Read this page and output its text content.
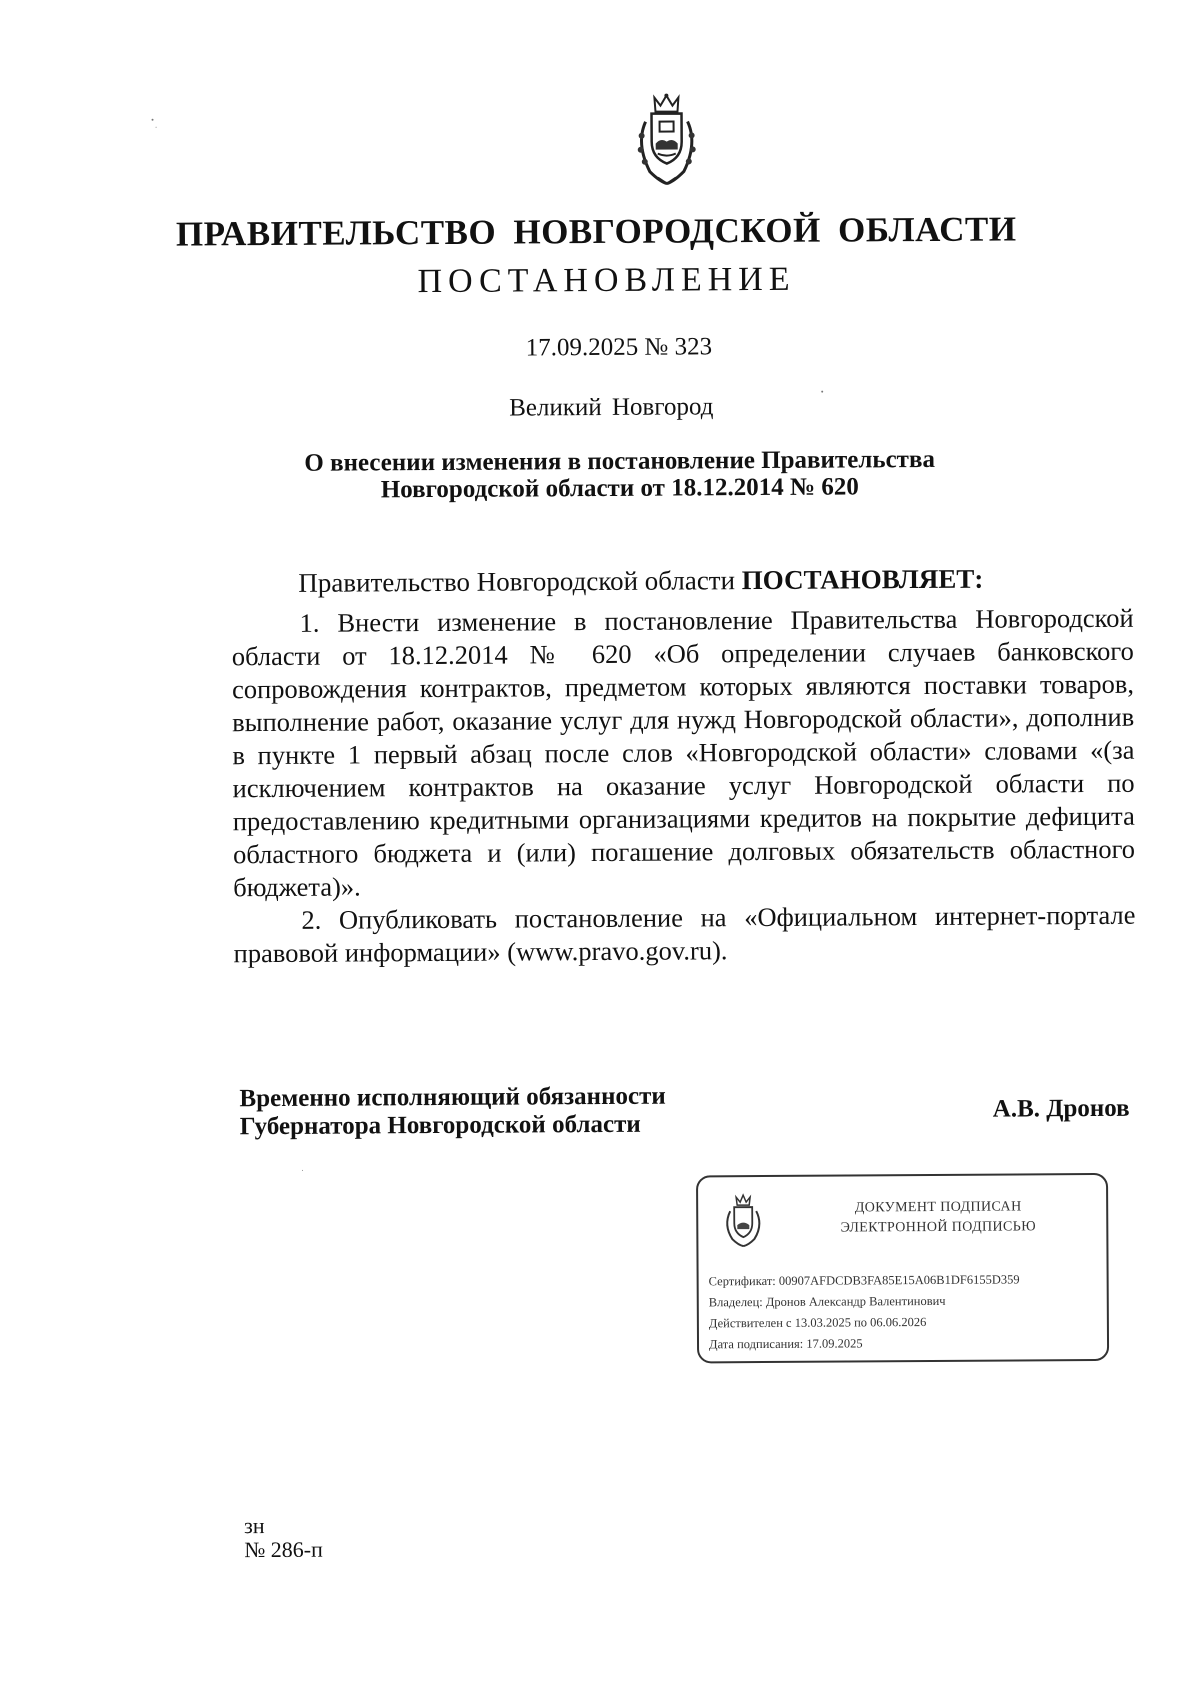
ПРАВИТЕЛЬСТВО НОВГОРОДСКОЙ ОБЛАСТИ
ПОСТАНОВЛЕНИЕ
17.09.2025 № 323
Великий Новгород
О внесении изменения в постановление Правительства
Новгородской области от 18.12.2014 № 620
Правительство Новгородской области ПОСТАНОВЛЯЕТ:

1. Внести изменение в постановление Правительства Новгородской области от 18.12.2014 № 620 «Об определении случаев банковского сопровождения контрактов, предметом которых являются поставки товаров, выполнение работ, оказание услуг для нужд Новгородской области», дополнив в пункте 1 первый абзац после слов «Новгородской области» словами «(за исключением контрактов на оказание услуг Новгородской области по предоставлению кредитными организациями кредитов на покрытие дефицита областного бюджета и (или) погашение долговых обязательств областного бюджета)».

2. Опубликовать постановление на «Официальном интернет-портале правовой информации» (www.pravo.gov.ru).

Временно исполняющий обязанности
Губернатора Новгородской области
А.В. Дронов
ДОКУМЕНТ ПОДПИСАН
ЭЛЕКТРОННОЙ ПОДПИСЬЮ
Сертификат: 00907AFDCDB3FA85E15A06B1DF6155D359
Владелец: Дронов Александр Валентинович
Действителен с 13.03.2025 по 06.06.2026
Дата подписания: 17.09.2025
зн
№ 286-п
